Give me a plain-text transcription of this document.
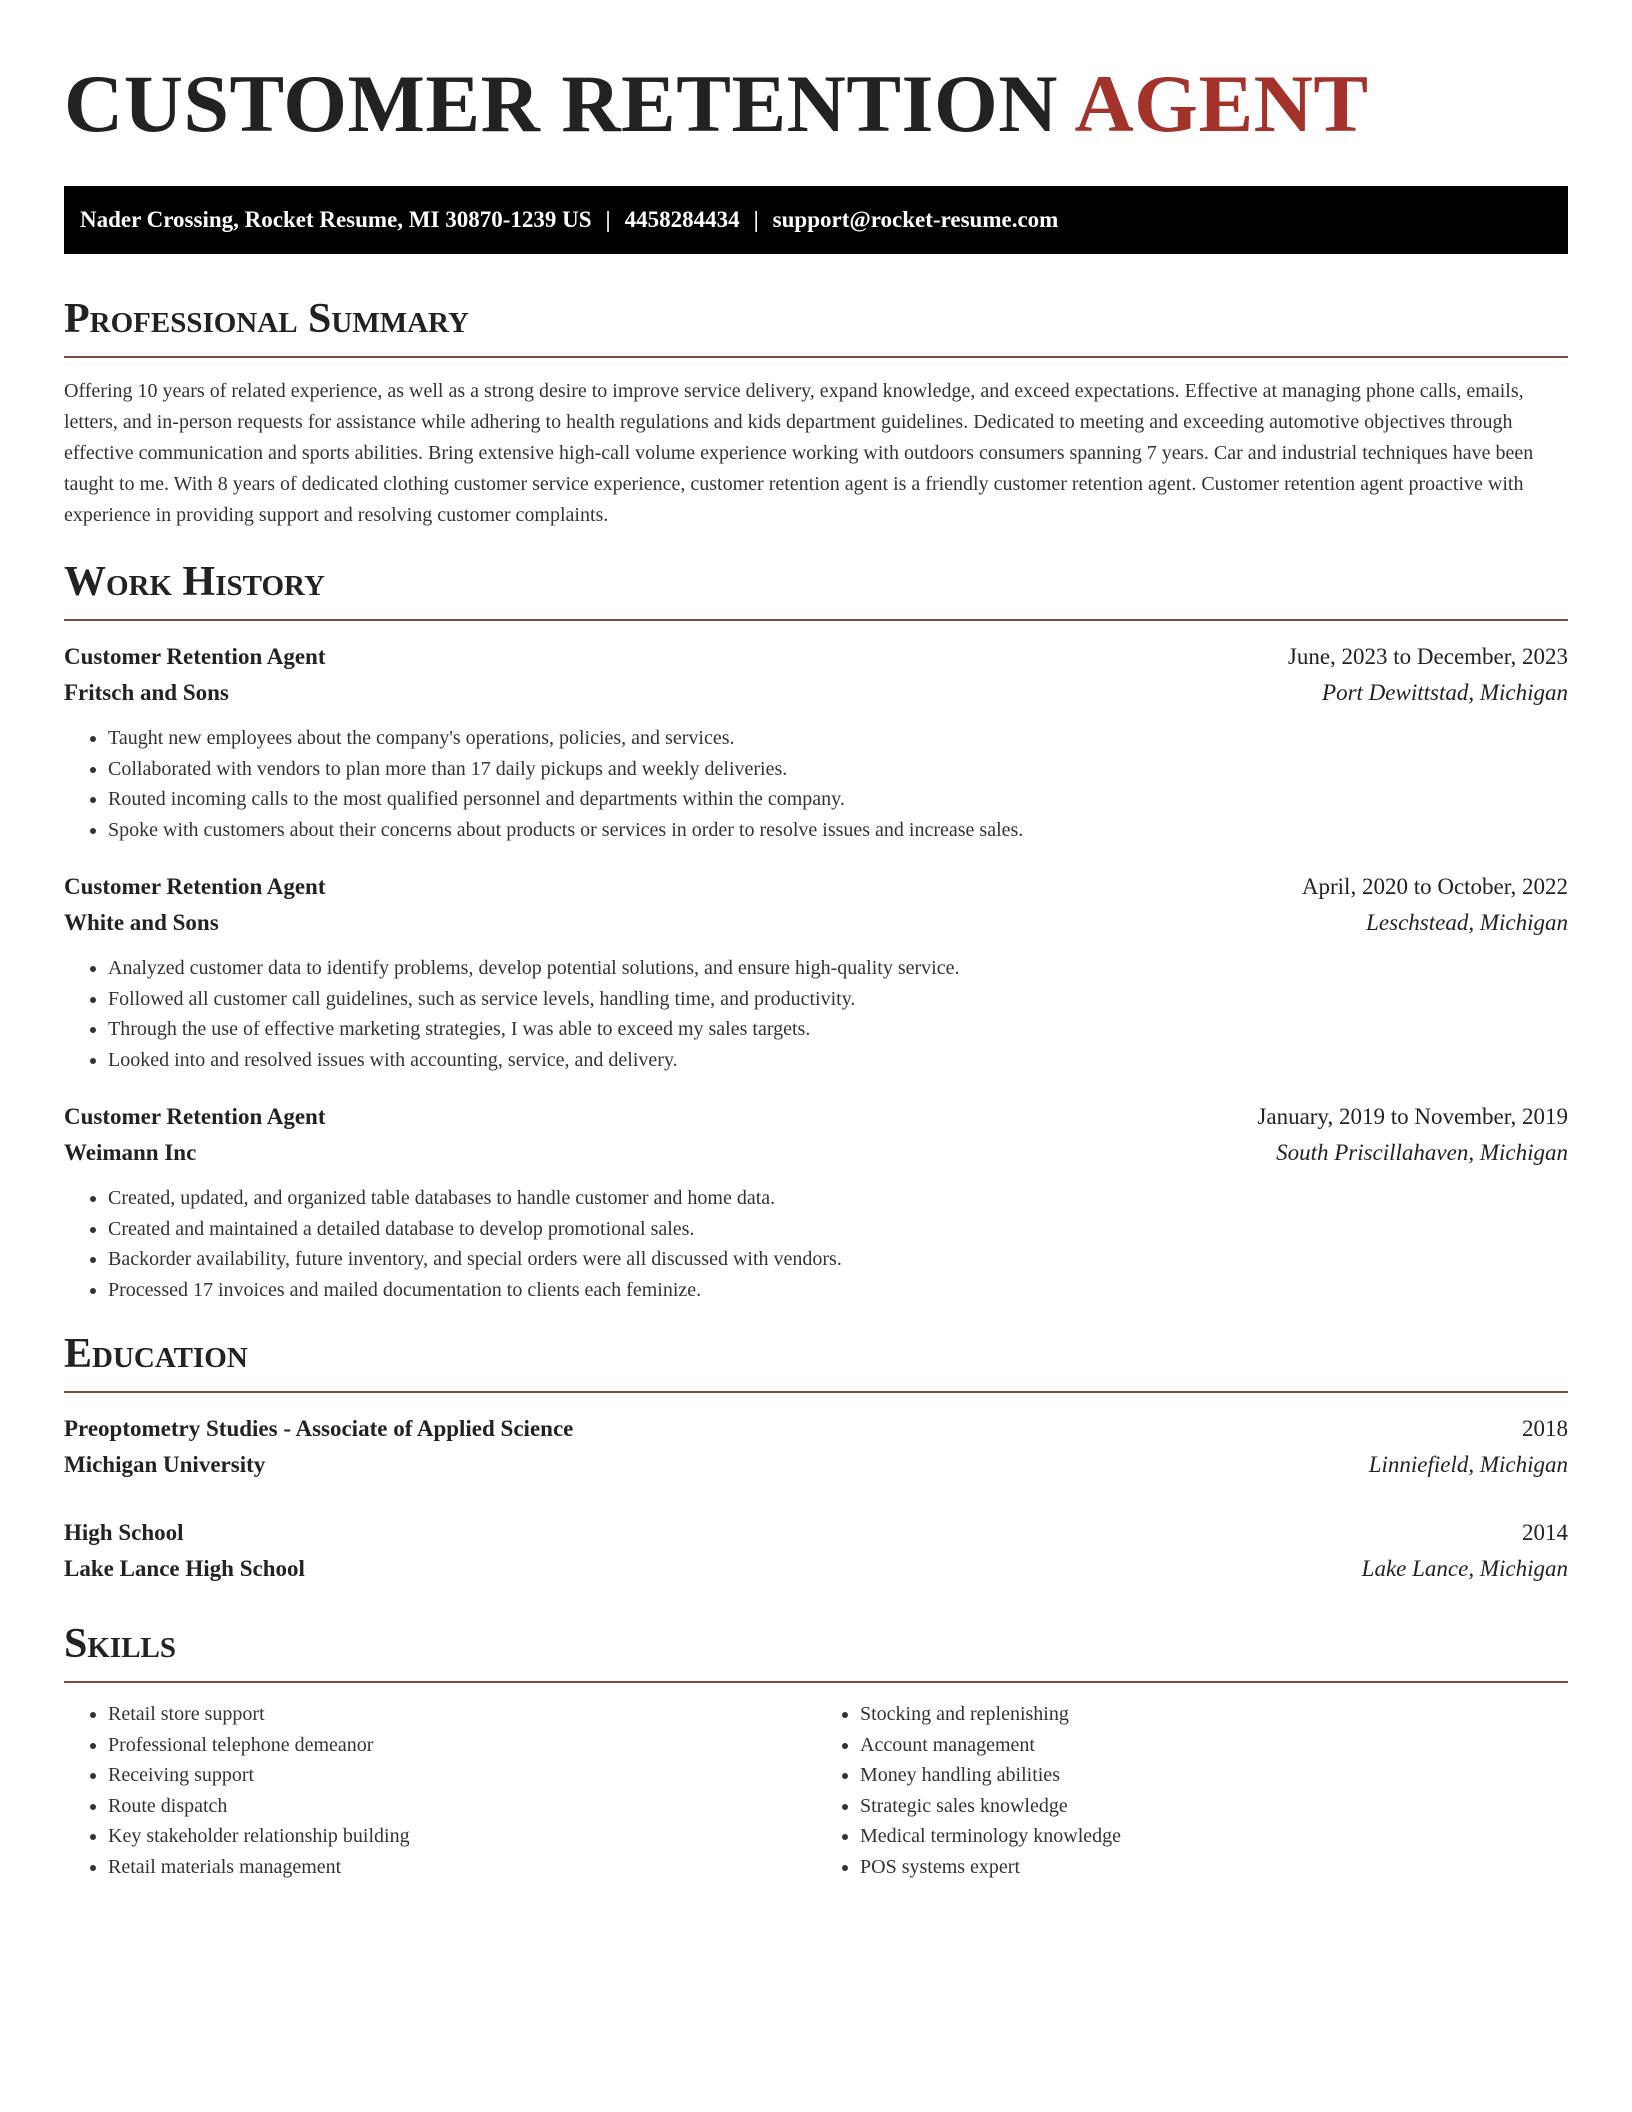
CUSTOMER RETENTION AGENT
Nader Crossing, Rocket Resume, MI 30870-1239 US | 4458284434 | support@rocket-resume.com
Professional Summary

Offering 10 years of related experience, as well as a strong desire to improve service delivery, expand knowledge, and exceed expectations. Effective at managing phone calls, emails, letters, and in-person requests for assistance while adhering to health regulations and kids department guidelines. Dedicated to meeting and exceeding automotive objectives through effective communication and sports abilities. Bring extensive high-call volume experience working with outdoors consumers spanning 7 years. Car and industrial techniques have been taught to me. With 8 years of dedicated clothing customer service experience, customer retention agent is a friendly customer retention agent. Customer retention agent proactive with experience in providing support and resolving customer complaints.

Work History
Customer Retention Agent	June, 2023 to December, 2023
Fritsch and Sons	Port Dewittstad, Michigan
• Taught new employees about the company's operations, policies, and services.
• Collaborated with vendors to plan more than 17 daily pickups and weekly deliveries.
• Routed incoming calls to the most qualified personnel and departments within the company.
• Spoke with customers about their concerns about products or services in order to resolve issues and increase sales.
Customer Retention Agent	April, 2020 to October, 2022
White and Sons	Leschstead, Michigan
• Analyzed customer data to identify problems, develop potential solutions, and ensure high-quality service.
• Followed all customer call guidelines, such as service levels, handling time, and productivity.
• Through the use of effective marketing strategies, I was able to exceed my sales targets.
• Looked into and resolved issues with accounting, service, and delivery.
Customer Retention Agent	January, 2019 to November, 2019
Weimann Inc	South Priscillahaven, Michigan
• Created, updated, and organized table databases to handle customer and home data.
• Created and maintained a detailed database to develop promotional sales.
• Backorder availability, future inventory, and special orders were all discussed with vendors.
• Processed 17 invoices and mailed documentation to clients each feminize.
Education
Preoptometry Studies - Associate of Applied Science	2018
Michigan University	Linniefield, Michigan
High School	2014
Lake Lance High School	Lake Lance, Michigan
Skills
• Retail store support
• Professional telephone demeanor
• Receiving support
• Route dispatch
• Key stakeholder relationship building
• Retail materials management
• Stocking and replenishing
• Account management
• Money handling abilities
• Strategic sales knowledge
• Medical terminology knowledge
• POS systems expert
